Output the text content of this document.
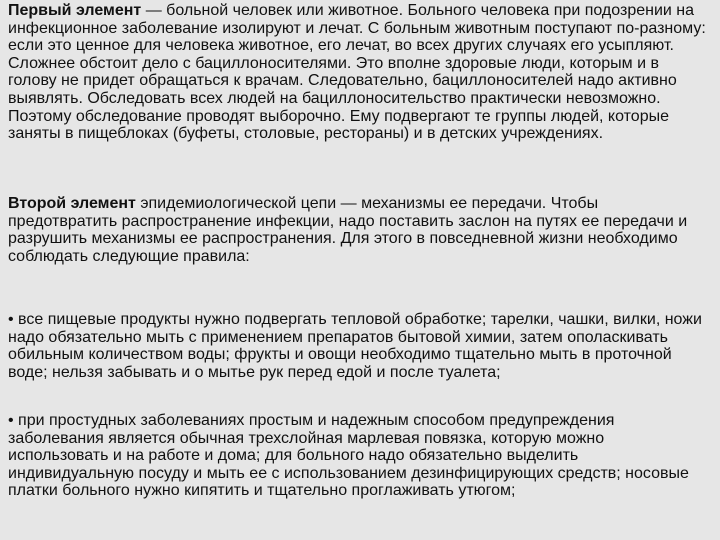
Первый элемент — больной человек или животное. Больного человека при подозрении на инфекционное заболевание изолируют и лечат. С больным животным поступают по-разному: если это ценное для человека животное, его лечат, во всех других случаях его усыпляют. Сложнее обстоит дело с бациллоносителями. Это вполне здоровые люди, которым и в голову не придет обращаться к врачам. Следовательно, бациллоносителей надо активно выявлять. Обследовать всех людей на бациллоносительство практически невозможно. Поэтому обследование проводят выборочно. Ему подвергают те группы людей, которые заняты в пищеблоках (буфеты, столовые, рестораны) и в детских учреждениях.

Второй элемент эпидемиологической цепи — механизмы ее передачи. Чтобы предотвратить распространение инфекции, надо поставить заслон на путях ее передачи и разрушить механизмы ее распространения. Для этого в повседневной жизни необходимо соблюдать следующие правила:

• все пищевые продукты нужно подвергать тепловой обработке; тарелки, чашки, вилки, ножи надо обязательно мыть с применением препаратов бытовой химии, затем ополаскивать обильным количеством воды; фрукты и овощи необходимо тщательно мыть в проточной воде; нельзя забывать и о мытье рук перед едой и после туалета;

• при простудных заболеваниях простым и надежным способом предупреждения заболевания является обычная трехслойная марлевая повязка, которую можно использовать и на работе и дома; для больного надо обязательно выделить индивидуальную посуду и мыть ее с использованием дезинфицирующих средств; носовые платки больного нужно кипятить и тщательно проглаживать утюгом;
